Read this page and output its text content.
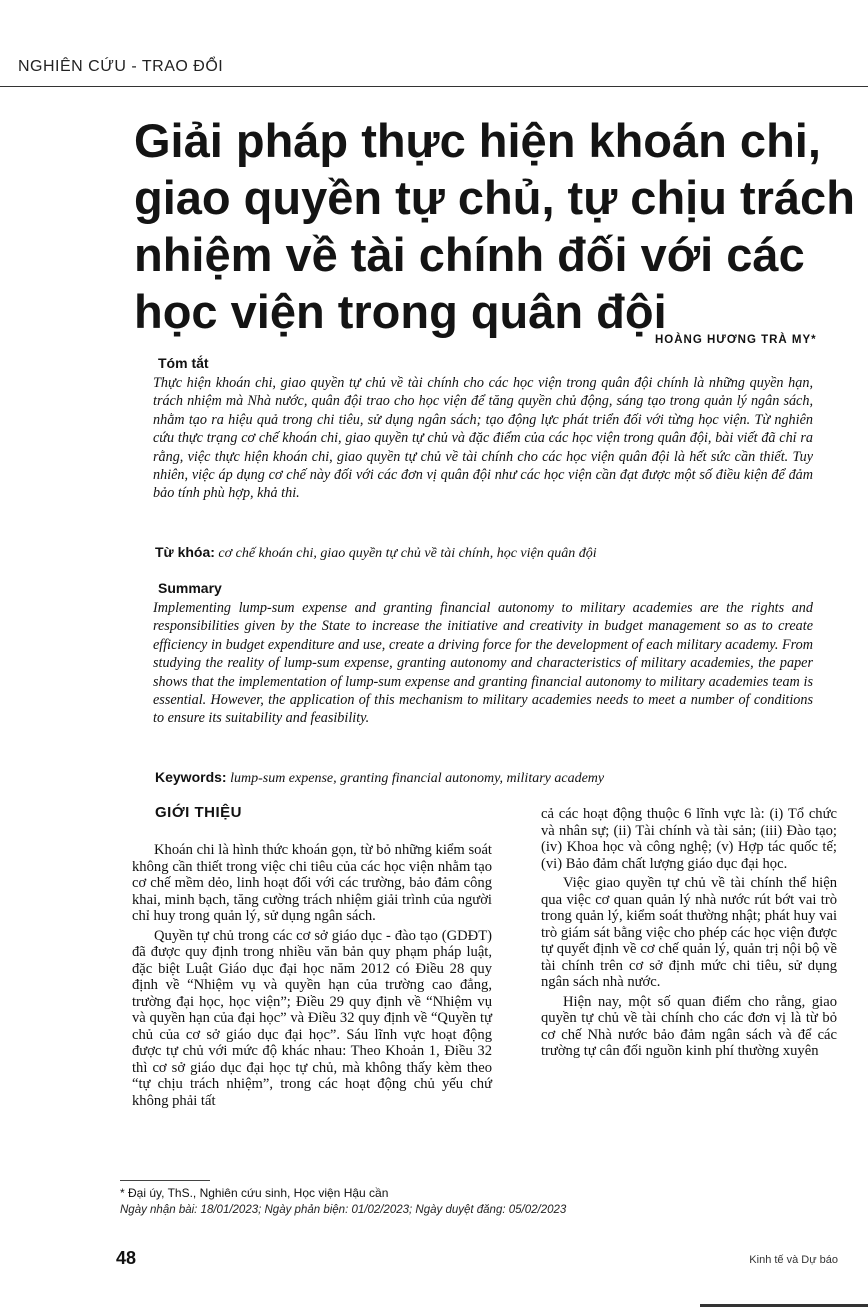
NGHIÊN CỨU - TRAO ĐỔI
Giải pháp thực hiện khoán chi,
giao quyền tự chủ, tự chịu trách
nhiệm về tài chính đối với các
học viện trong quân đội
HOÀNG HƯƠNG TRÀ MY*
Tóm tắt
Thực hiện khoán chi, giao quyền tự chủ về tài chính cho các học viện trong quân đội chính là những quyền hạn, trách nhiệm mà Nhà nước, quân đội trao cho học viện để tăng quyền chủ động, sáng tạo trong quản lý ngân sách, nhằm tạo ra hiệu quả trong chi tiêu, sử dụng ngân sách; tạo động lực phát triển đối với từng học viện. Từ nghiên cứu thực trạng cơ chế khoán chi, giao quyền tự chủ và đặc điểm của các học viện trong quân đội, bài viết đã chỉ ra rằng, việc thực hiện khoán chi, giao quyền tự chủ về tài chính cho các học viện quân đội là hết sức cần thiết. Tuy nhiên, việc áp dụng cơ chế này đối với các đơn vị quân đội như các học viện cần đạt được một số điều kiện để đảm bảo tính phù hợp, khả thi.
Từ khóa: cơ chế khoán chi, giao quyền tự chủ về tài chính, học viện quân đội
Summary
Implementing lump-sum expense and granting financial autonomy to military academies are the rights and responsibilities given by the State to increase the initiative and creativity in budget management so as to create efficiency in budget expenditure and use, create a driving force for the development of each military academy. From studying the reality of lump-sum expense, granting autonomy and characteristics of military academies, the paper shows that the implementation of lump-sum expense and granting financial autonomy to military academies team is essential. However, the application of this mechanism to military academies needs to meet a number of conditions to ensure its suitability and feasibility.
Keywords: lump-sum expense, granting financial autonomy, military academy
GIỚI THIỆU

Khoán chi là hình thức khoán gọn, từ bỏ những kiểm soát không cần thiết trong việc chi tiêu của các học viện nhằm tạo cơ chế mềm dẻo, linh hoạt đối với các trường, bảo đảm công khai, minh bạch, tăng cường trách nhiệm giải trình của người chỉ huy trong quản lý, sử dụng ngân sách.

Quyền tự chủ trong các cơ sở giáo dục - đào tạo (GDĐT) đã được quy định trong nhiều văn bản quy phạm pháp luật, đặc biệt Luật Giáo dục đại học năm 2012 có Điều 28 quy định về “Nhiệm vụ và quyền hạn của trường cao đẳng, trường đại học, học viện”; Điều 29 quy định về “Nhiệm vụ và quyền hạn của đại học” và Điều 32 quy định về “Quyền tự chủ của cơ sở giáo dục đại học”. Sáu lĩnh vực hoạt động được tự chủ với mức độ khác nhau: Theo Khoản 1, Điều 32 thì cơ sở giáo dục đại học tự chủ, mà không thấy kèm theo “tự chịu trách nhiệm”, trong các hoạt động chủ yếu chứ không phải tất

cả các hoạt động thuộc 6 lĩnh vực là: (i) Tổ chức và nhân sự; (ii) Tài chính và tài sản; (iii) Đào tạo; (iv) Khoa học và công nghệ; (v) Hợp tác quốc tế; (vi) Bảo đảm chất lượng giáo dục đại học.

Việc giao quyền tự chủ về tài chính thể hiện qua việc cơ quan quản lý nhà nước rút bớt vai trò trong quản lý, kiểm soát thường nhật; phát huy vai trò giám sát bằng việc cho phép các học viện được tự quyết định về cơ chế quản lý, quản trị nội bộ về tài chính trên cơ sở định mức chi tiêu, sử dụng ngân sách nhà nước.

Hiện nay, một số quan điểm cho rằng, giao quyền tự chủ về tài chính cho các đơn vị là từ bỏ cơ chế Nhà nước bảo đảm ngân sách và để các trường tự cân đối nguồn kinh phí thường xuyên

* Đại úy, ThS., Nghiên cứu sinh, Học viện Hậu cần
Ngày nhận bài: 18/01/2023; Ngày phản biện: 01/02/2023; Ngày duyệt đăng: 05/02/2023
48	Kinh tế và Dự báo
